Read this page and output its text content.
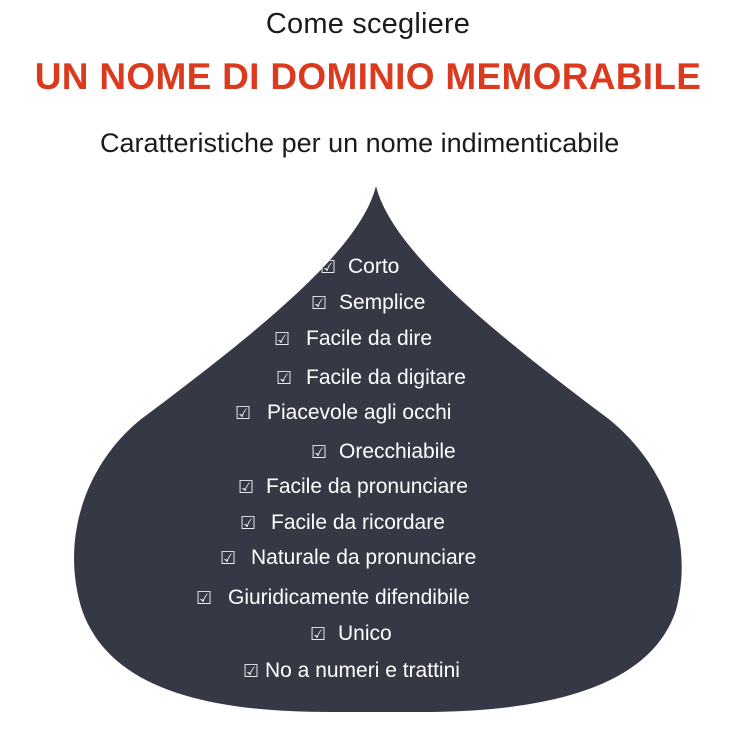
Come scegliere
UN NOME DI DOMINIO MEMORABILE
Caratteristiche per un nome indimenticabile
☑ Corto
☑ Semplice
☑ Facile da dire
☑ Facile da digitare
☑ Piacevole agli occhi
☑ Orecchiabile
☑ Facile da pronunciare
☑ Facile da ricordare
☑ Naturale da pronunciare
☑ Giuridicamente difendibile
☑ Unico
☑ No a numeri e trattini
